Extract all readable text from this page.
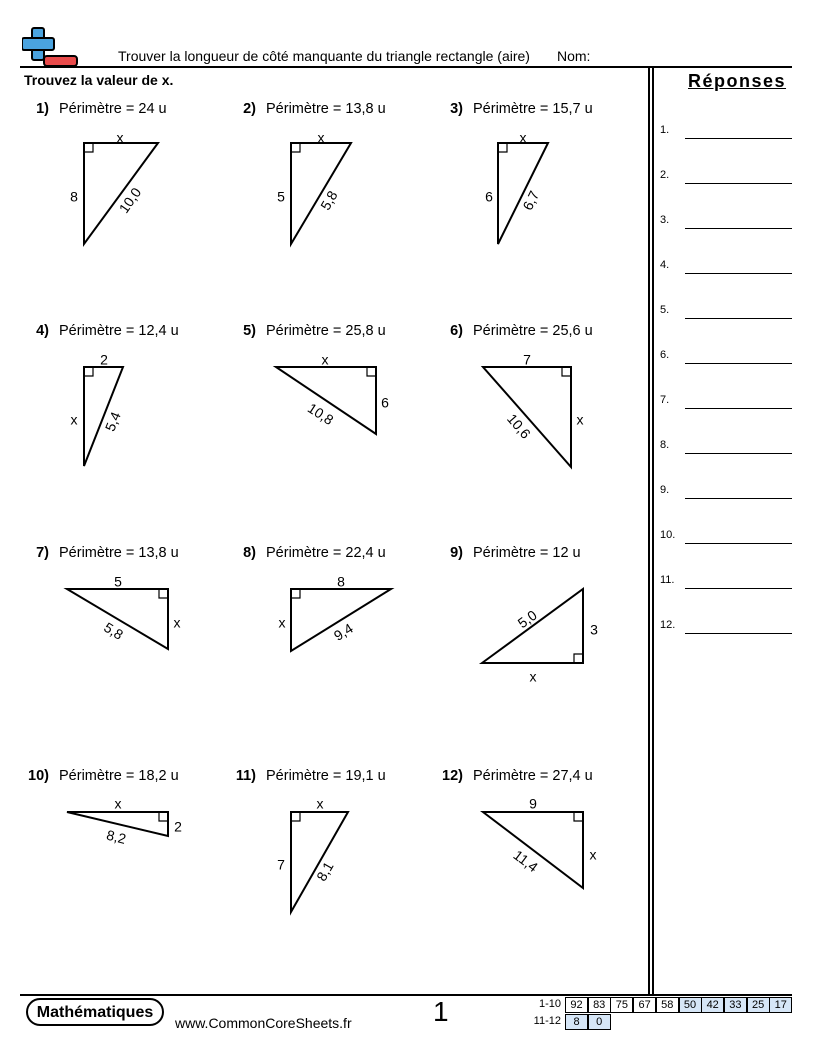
Trouver la longueur de côté manquante du triangle rectangle (aire) Nom:
Trouvez la valeur de x.
1) Périmètre = 24 u
x
8	10,0
2) Périmètre = 13,8 u
x
5 5,8
3) Périmètre = 15,7 u
x
6 6,7
4) Périmètre = 12,4 u
2
x 5,4
5) Périmètre = 25,8 u
x
6
10,8
6) Périmètre = 25,6 u
7
x
10,6
7) Périmètre = 13,8 u
5
x
5,8
8) Périmètre = 22,4 u
8
x	9,4
9) Périmètre = 12 u
5,0	3
x
10) Périmètre = 18,2 u
x
2
8,2
11) Périmètre = 19,1 u
x
7 8,1
12) Périmètre = 27,4 u
9
x
11,4
Réponses
1.
2.
3.
4.
5.
6.
7.
8.
9.
10.
11.
12.
Mathématiques
www.CommonCoreSheets.fr	1	1-10 92 83 75 67 58 50 42 33 25 17
11-12	8	0
